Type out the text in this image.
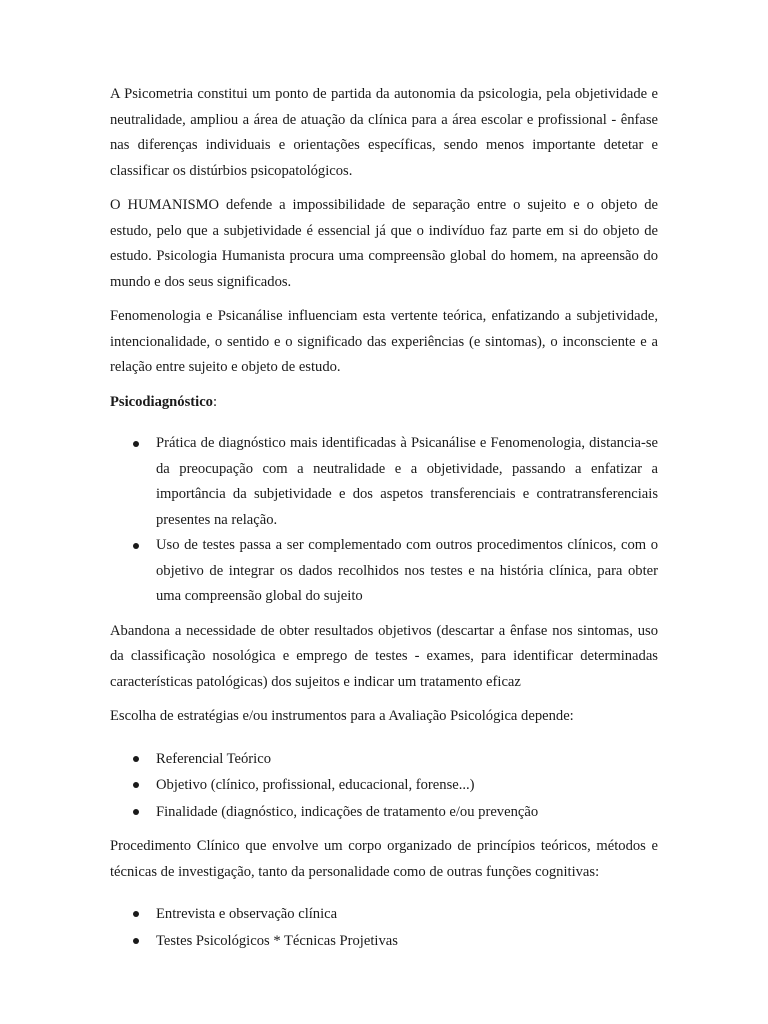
A Psicometria constitui um ponto de partida da autonomia da psicologia, pela objetividade e neutralidade, ampliou a área de atuação da clínica para a área escolar e profissional - ênfase nas diferenças individuais e orientações específicas, sendo menos importante detetar e classificar os distúrbios psicopatológicos.

O HUMANISMO defende a impossibilidade de separação entre o sujeito e o objeto de estudo, pelo que a subjetividade é essencial já que o indivíduo faz parte em si do objeto de estudo. Psicologia Humanista procura uma compreensão global do homem, na apreensão do mundo e dos seus significados.

Fenomenologia e Psicanálise influenciam esta vertente teórica, enfatizando a subjetividade, intencionalidade, o sentido e o significado das experiências (e sintomas), o inconsciente e a relação entre sujeito e objeto de estudo.

Psicodiagnóstico:

Prática de diagnóstico mais identificadas à Psicanálise e Fenomenologia, distancia-se da preocupação com a neutralidade e a objetividade, passando a enfatizar a importância da subjetividade e dos aspetos transferenciais e contratransferenciais presentes na relação.
Uso de testes passa a ser complementado com outros procedimentos clínicos, com o objetivo de integrar os dados recolhidos nos testes e na história clínica, para obter uma compreensão global do sujeito

Abandona a necessidade de obter resultados objetivos (descartar a ênfase nos sintomas, uso da classificação nosológica e emprego de testes - exames, para identificar determinadas características patológicas) dos sujeitos e indicar um tratamento eficaz

Escolha de estratégias e/ou instrumentos para a Avaliação Psicológica depende:

Referencial Teórico
Objetivo (clínico, profissional, educacional, forense...)
Finalidade (diagnóstico, indicações de tratamento e/ou prevenção

Procedimento Clínico que envolve um corpo organizado de princípios teóricos, métodos e técnicas de investigação, tanto da personalidade como de outras funções cognitivas:

Entrevista e observação clínica
Testes Psicológicos * Técnicas Projetivas
